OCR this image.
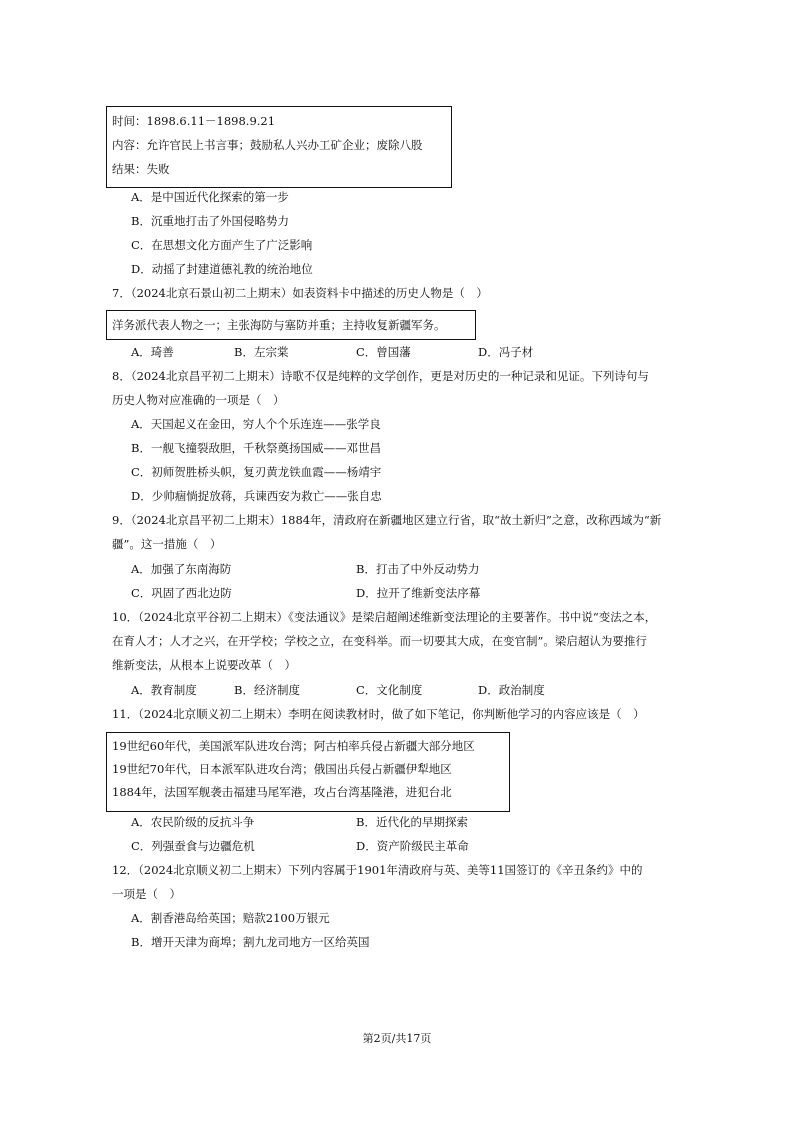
时间：1898.6.11－1898.9.21
内容：允许官民上书言事；鼓励私人兴办工矿企业；废除八股
结果：失败
A．是中国近代化探索的第一步
B．沉重地打击了外国侵略势力
C．在思想文化方面产生了广泛影响
D．动摇了封建道德礼教的统治地位
7．（2024北京石景山初二上期末）如表资料卡中描述的历史人物是（　）
洋务派代表人物之一；主张海防与塞防并重；主持收复新疆军务。
A．琦善	B．左宗棠	C．曾国藩	D．冯子材
8．（2024北京昌平初二上期末）诗歌不仅是纯粹的文学创作，更是对历史的一种记录和见证。下列诗句与
历史人物对应准确的一项是（　）
A．天国起义在金田，穷人个个乐连连——张学良
B．一舰飞撞裂敌胆，千秋祭奠扬国威——邓世昌
C．初师贺胜桥头帜，复刃黄龙铁血霞——杨靖宇
D．少帅痼惝捉放蒋，兵谏西安为救亡——张自忠
9．（2024北京昌平初二上期末）1884年，清政府在新疆地区建立行省，取“故土新归”之意，改称西域为“新
疆”。这一措施（　）
A．加强了东南海防	B．打击了中外反动势力
C．巩固了西北边防	D．拉开了维新变法序幕
10．（2024北京平谷初二上期末）《变法通议》是梁启超阐述维新变法理论的主要著作。书中说“变法之本，
在育人才；人才之兴，在开学校；学校之立，在变科举。而一切要其大成，在变官制”。梁启超认为要推行
维新变法，从根本上说要改革（　）
A．教育制度	B．经济制度	C．文化制度	D．政治制度
11．（2024北京顺义初二上期末）李明在阅读教材时，做了如下笔记，你判断他学习的内容应该是（　）
19世纪60年代，美国派军队进攻台湾；阿古柏率兵侵占新疆大部分地区
19世纪70年代，日本派军队进攻台湾；俄国出兵侵占新疆伊犁地区
1884年，法国军舰袭击福建马尾军港，攻占台湾基隆港，进犯台北
A．农民阶级的反抗斗争	B．近代化的早期探索
C．列强蚕食与边疆危机	D．资产阶级民主革命
12．（2024北京顺义初二上期末）下列内容属于1901年清政府与英、美等11国签订的《辛丑条约》中的
一项是（　）
A．割香港岛给英国；赔款2100万银元
B．增开天津为商埠；割九龙司地方一区给英国
第2页/共17页
